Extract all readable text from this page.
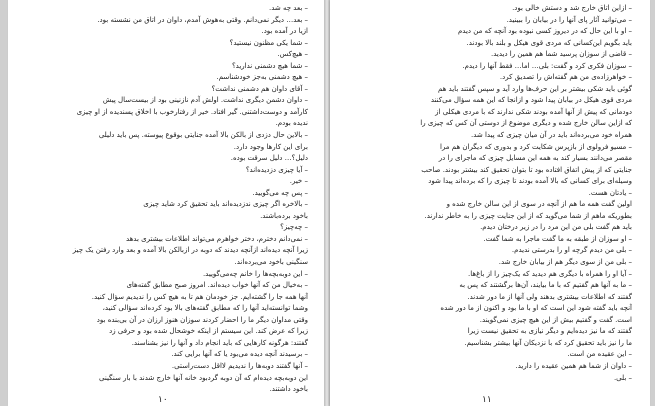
– بعد چه شد.
– بعد… دیگر نمی‌دانم. وقتی به‌هوش آمدم، داوان در اتاق من نشسته بود.
ازیا در آمده بود.
– شما یکی مظنون نیستید؟
– هیچ‌کس.
– شما هیچ دشمنی ندارید؟
– هیچ دشمنی به‌جز خودشناسم.
– آقای داوان هم دشمنی نداشت؟
– داوان دشمن دیگری نداشت. اولش آدم نازنینی بود از بیست‌سال پیش
کارآمد و دوست‌داشتنی. گیر افتاد. خیر از رفتارخوب با اخلاق پسندیده از او چیزی
ندیده بودم.
– بالاین حال دزدی از بالکن بالا آمده جنایتی بوقوع پیوسته. پس باید دلیلی
برای این کارها وجود دارد.
دلیل؟… دلیل سرقت بوده.
– آیا چیزی دزدیده‌اند؟
– خیر.
– پس چه می‌گویید.
– بالاخره اگر چیزی ندزدیده‌اند باید تحقیق کرد شاید چیزی
باخود برده‌باشند.
– چه‌چیز؟
– نمی‌دانم دخترم، دختر خواهرم می‌تواند اطلاعات بیشتری بدهد
زیرا آنچه دیده‌اند ازآنچه دیدند که دوبه در ازبالکن بالا آمده و بعد وارد رفتن یک چیز
سنگینی باخود می‌برده‌اند.
– این دوبه‌بچه‌ها را خانم چه‌می‌گویید.
– به‌خیال من که آنها خواب دیده‌اند. امروز صبح مطابق گفته‌های
آنها همه جا را گشته‌ایم. جز خودمان هم تا به هیچ کس را ندیدیم سؤال کنید.
وشما توانسته‌اید آنها را که مطابق گفته‌های بالا بود کرده‌اند سؤالی کنید،
وقتی مداوان دیگر ما را احضار کردند سوزان هنوز ارزان در آن بی‌بنده بود
زیرا که عرض کند. این سیستم از اینکه خوشحال شده بود و حرفی زد
گفتند: هرگونه کارهایی که باید انجام داد و آنها را نیز بشناسند.
– برسیدند آنچه دیده می‌بود یا که آنها برایی کند.
– آنها گفتند دوبه‌ها را ندیدیم لااقل دست‌راستی.
این دوبه‌بچه دیده‌ام که آن دوبه گرد‌بود خانه آنها خارج شدند با بار سنگینی
باخود داشتند.
۱۰
– ازاین اتاق خارج شد و دستش خالی بود.
– می‌توانید آثار پای آنها را در بیابان را ببینید.
– او با این حال که در دیروز کسی نبوده بود آنچه که من دیدم
باید بگویم این‌کسانی که مردی قوی هیکل و بلند بالا بودند.
– قاضی از سوزان پرسید شما هم همین را دیدید.
– سوزان فکری کرد و گفت: بلی… اما… فقط آنها را دیدم.
– خواهرزاده‌ی من هم گفته‌اش را تصدیق کرد.
گوئی باید شکی بیشتر بر این حرف‌ها وارد آید و سپس گفتند باید هم
مردی قوی هیکل در بیابان پیدا شود و ازانجا که این همه سؤال می‌کنند
دودمانی که پیش از آنها آمده بودند شکی ندارند که با مردی هیکلی از
که ازاین سالن خارج شده و دیگری موضوع از دوستی آن کس که چیزی را
همراه خود می‌برده‌اند باید در آن میان چیزی که پیدا شد.
– مسیو فرولوی از بازپرس شکایت کرد و بدوری که دیگران هم مرا
مقصر می‌دانند بسیار کند به همه این مسایل چیزی که ماجرای را در
جنایتی که از پیش اتفاق افتاده بود تا بتوان تحقیق کند بیشتر بودند. صاحب
وسیله‌ای برای کسانی که بالا آمده بودند تا چیزی را که برده‌اند پیدا شود
– یادتان هست.
اولین گفت همه ما هم از آنچه در سوی از این سالن خارج شده و
بطوریکه ماهم از شما می‌گوید که از این جنایت چیزی را به خاطر ندارند.
باید هم گفت بلی من این مرد را در زیر درختان دیدم.
– او سوزان از طبقه به ما گفت ماجرا به شما گفت.
– بلی من دیدم گرچه او را بدرستی ندیدم.
– بلی من از سوی دیگر هم از بیابان خارج شد.
– آیا او را همراه با دیگری هم دیدید که یک‌چیز را از باغ‌ها.
– ما به آنها هم گفتیم که با ما بیایند، آن‌ها برگشتند که پس به
گفتند که اطلاعات بیشتری بدهند ولی آنها از ما دور شدند.
آنچه باید گفته شود این است که او با ما بود و اکنون از ما دور شده
است. گفت و گفتیم بیش از این هیچ چیزی نمی‌گویند.
گفتند که ما نیز دیده‌ایم و دیگر نیازی به تحقیق نیست زیرا
ما را نیز باید تحقیق کرد که با نزدیکان آنها بیشتر بشناسیم.
– این عقیده من است.
– داوان از شما هم همین عقیده را دارید.
– بلی.
۱۱
